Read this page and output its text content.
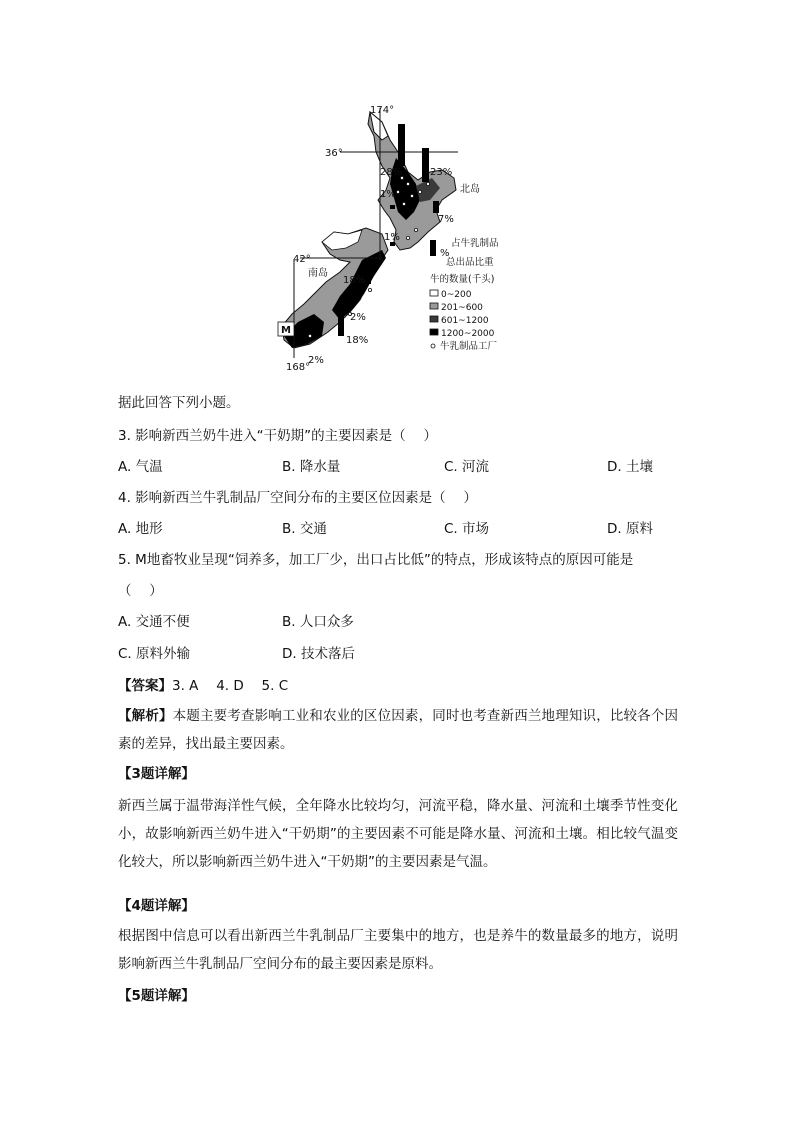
174°
36°
42°
168°
北岛
南岛
M
28%	23%
1%
7%
1%
18%
2%
18%
2%
%
占牛乳制品
总出品比重
牛的数量(千头)
0~200
201~600
601~1200
1200~2000
牛乳制品工厂
据此回答下列小题。
3. 影响新西兰奶牛进入“干奶期”的主要因素是（　 ）
A. 气温	B. 降水量	C. 河流	D. 土壤
4. 影响新西兰牛乳制品厂空间分布的主要区位因素是（　 ）
A. 地形	B. 交通	C. 市场	D. 原料
5. M地畜牧业呈现“饲养多，加工厂少，出口占比低”的特点，形成该特点的原因可能是
（　 ）
A. 交通不便	B. 人口众多
C. 原料外输	D. 技术落后
【答案】3. A　 4. D　 5. C
【解析】本题主要考查影响工业和农业的区位因素，同时也考查新西兰地理知识，比较各个因素的差异，找出最主要因素。
【3题详解】
新西兰属于温带海洋性气候，全年降水比较均匀，河流平稳，降水量、河流和土壤季节性变化小，故影响新西兰奶牛进入“干奶期”的主要因素不可能是降水量、河流和土壤。相比较气温变化较大，所以影响新西兰奶牛进入“干奶期”的主要因素是气温。
【4题详解】
根据图中信息可以看出新西兰牛乳制品厂主要集中的地方，也是养牛的数量最多的地方，说明影响新西兰牛乳制品厂空间分布的最主要因素是原料。
【5题详解】
